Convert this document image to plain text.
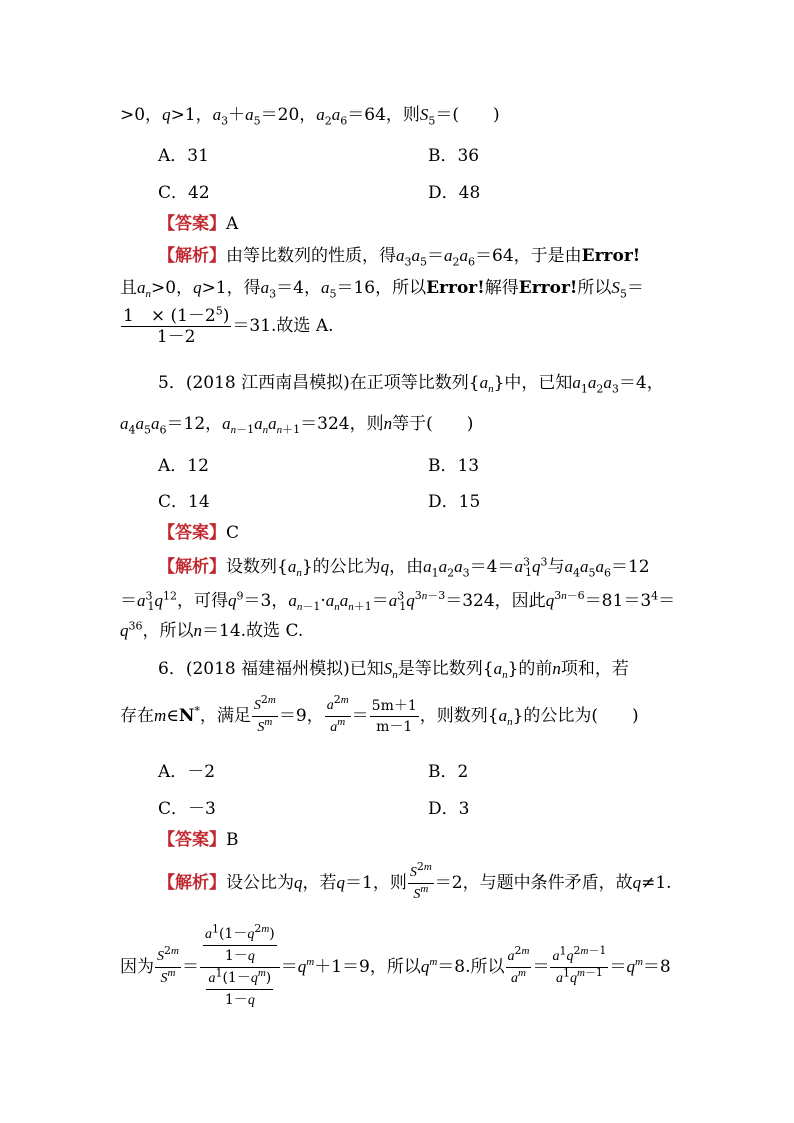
>0，q>1，$a_3+a_5=20$，$a_2a_6=64$，则$S_5=$(　　)
A．31	B．36
C．42	D．48
【答案】A
【解析】由等比数列的性质，得$a_3a_5=a_2a_6=64$，于是由Error!
且$a_n>0$，q>1，得$a_3=4$，$a_5=16$，所以Error!解得Error!所以$S_5=$
$\frac{1 \times (1-2^5)}{1-2} =31$.故选 A.
5．(2018 江西南昌模拟)在正项等比数列$\{a_n\}$中，已知$a_1a_2a_3=4$，
$a_4a_5a_6=12$，$a_{n-1}a_na_{n+1}=324$，则n等于(　　)
A．12	B．13
C．14	D．15
【答案】C
【解析】设数列$\{a_n\}$的公比为q，由$a_1a_2a_3=4=a^3_1q^3$与$a_4a_5a_6=12$
$=a^3_1q^{12}$，可得$q^9=3$，$a_{n-1}\cdot a_na_{n+1}=a^3_1q^{3n-3}=324$，因此$q^{3n-6}=81=3^4=$
$q^{36}$，所以n＝14.故选 C.
6．(2018 福建福州模拟)已知$S_n$是等比数列$\{a_n\}$的前n项和，若
存在m∈N*，满足 $\frac{S^{2m}}{S^m} =9$， $\frac{a^{2m}}{a^m} = \frac{5m+1}{m-1}$ ，则数列$\{a_n\}$的公比为(　　)
A．－2	B．2
C．－3	D．3
【答案】B
【解析】设公比为q，若q＝1，则 $\frac{S^{2m}}{S^m} =2$，与题中条件矛盾，故q≠1.
因为 $\frac{S^{2m}}{S^m} = \frac{\frac{a^1(1-q^{2m})}{1-q}}{\frac{a^1(1-q^m)}{1-q}} =q^m+1=9$，所以$q^m=8$.所以 $\frac{a^{2m}}{a^m} = \frac{a^1q^{2m-1}}{a^1q^{m-1}} =q^m=8$
